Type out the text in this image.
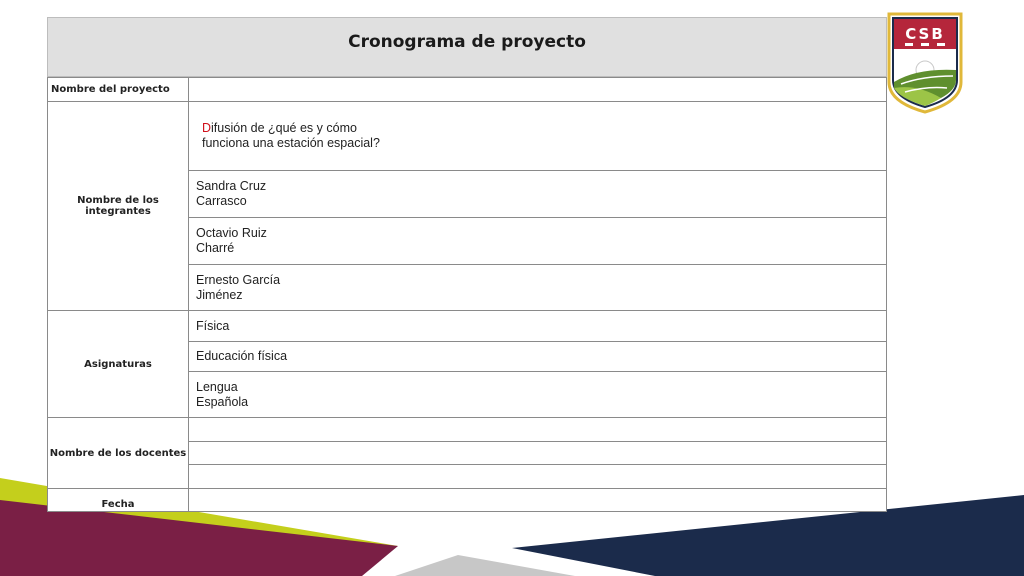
Cronograma de proyecto
Nombre del proyecto	
Nombre de los integrantes	Difusión de ¿qué es y cómo
funciona una estación espacial?
	Sandra Cruz
Carrasco
	Octavio Ruiz
Charré
	Ernesto García
Jiménez
Asignaturas	Física
	Educación física
	Lengua
Española
Nombre de los docentes	

Fecha	
CSB
